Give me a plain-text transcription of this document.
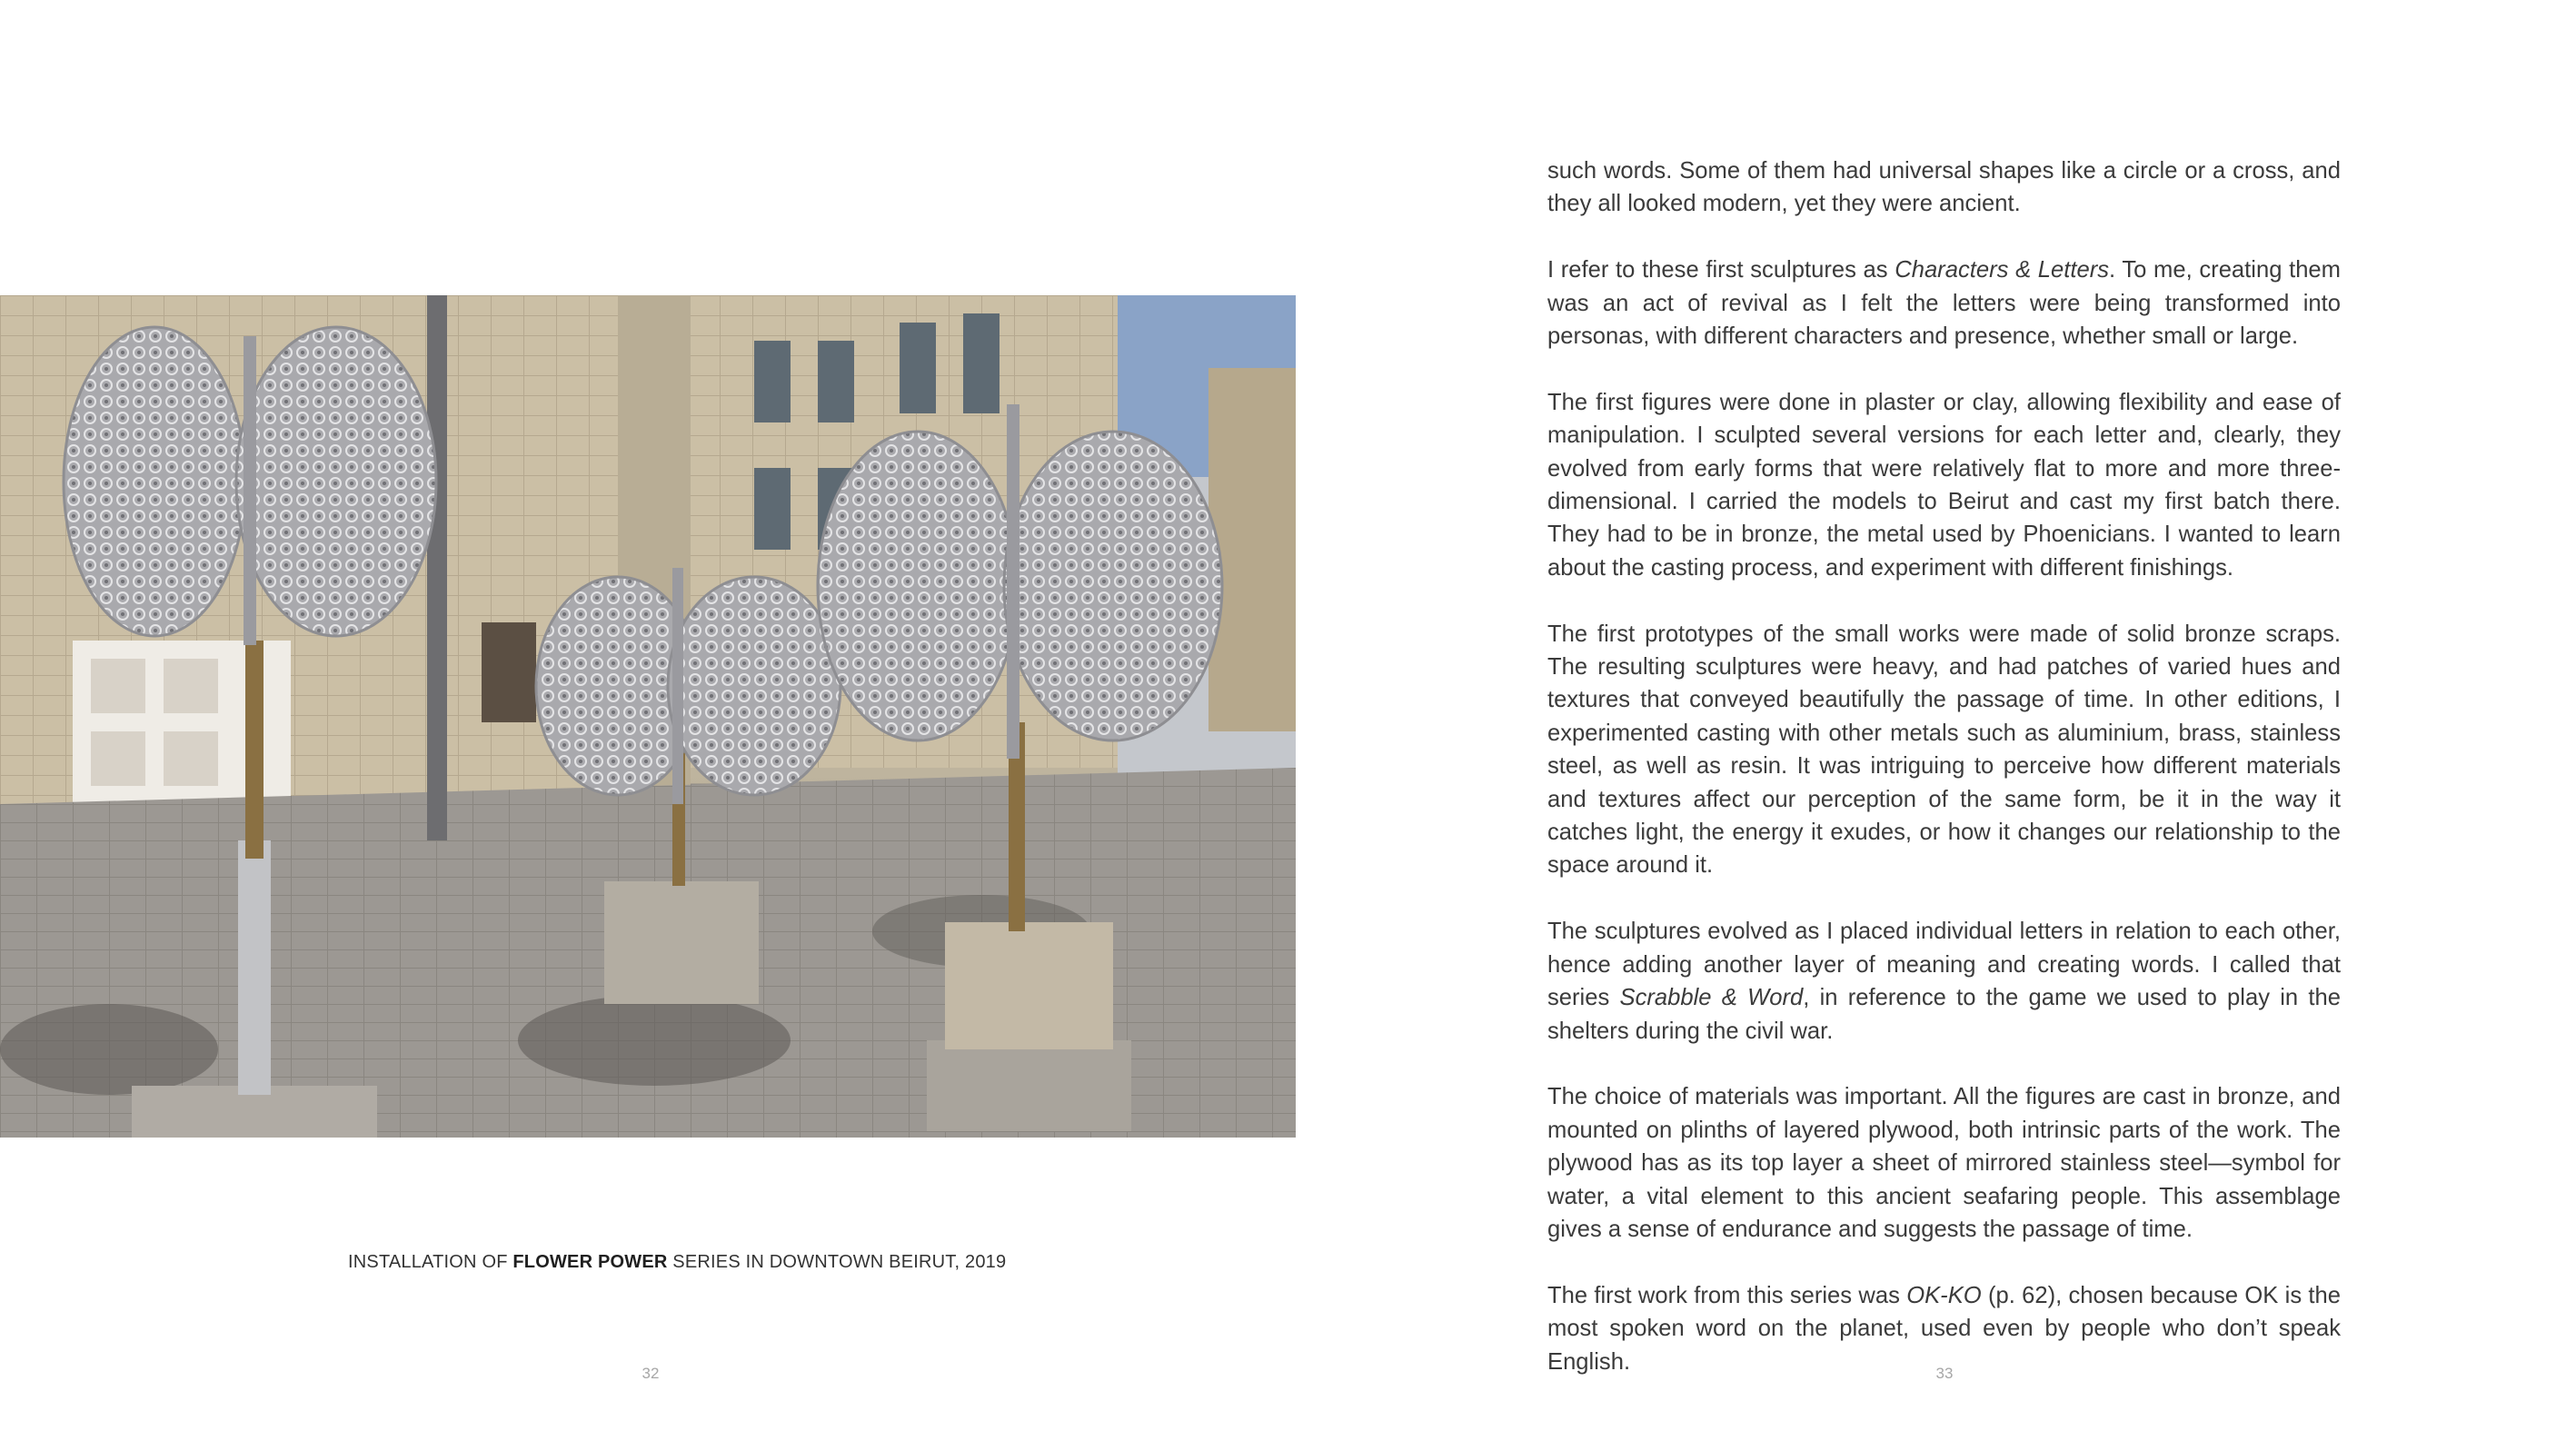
INSTALLATION OF FLOWER POWER SERIES IN DOWNTOWN BEIRUT, 2019
32

such words. Some of them had universal shapes like a circle or a cross, and they all looked modern, yet they were ancient.

I refer to these first sculptures as Characters & Letters. To me, creating them was an act of revival as I felt the letters were being transformed into personas, with different characters and presence, whether small or large.

The first figures were done in plaster or clay, allowing flexibility and ease of manipulation. I sculpted several versions for each letter and, clearly, they evolved from early forms that were relatively flat to more and more three-dimensional. I carried the models to Beirut and cast my first batch there. They had to be in bronze, the metal used by Phoenicians. I wanted to learn about the casting process, and experiment with different finishings.

The first prototypes of the small works were made of solid bronze scraps. The resulting sculptures were heavy, and had patches of varied hues and textures that conveyed beautifully the passage of time. In other editions, I experimented casting with other metals such as aluminium, brass, stainless steel, as well as resin. It was intriguing to perceive how different materials and textures affect our perception of the same form, be it in the way it catches light, the energy it exudes, or how it changes our relationship to the space around it.

The sculptures evolved as I placed individual letters in relation to each other, hence adding another layer of meaning and creating words. I called that series Scrabble & Word, in reference to the game we used to play in the shelters during the civil war.

The choice of materials was important. All the figures are cast in bronze, and mounted on plinths of layered plywood, both intrinsic parts of the work. The plywood has as its top layer a sheet of mirrored stainless steel—symbol for water, a vital element to this ancient seafaring people. This assemblage gives a sense of endurance and suggests the passage of time.

The first work from this series was OK-KO (p. 62), chosen because OK is the most spoken word on the planet, used even by people who don’t speak English.	33
